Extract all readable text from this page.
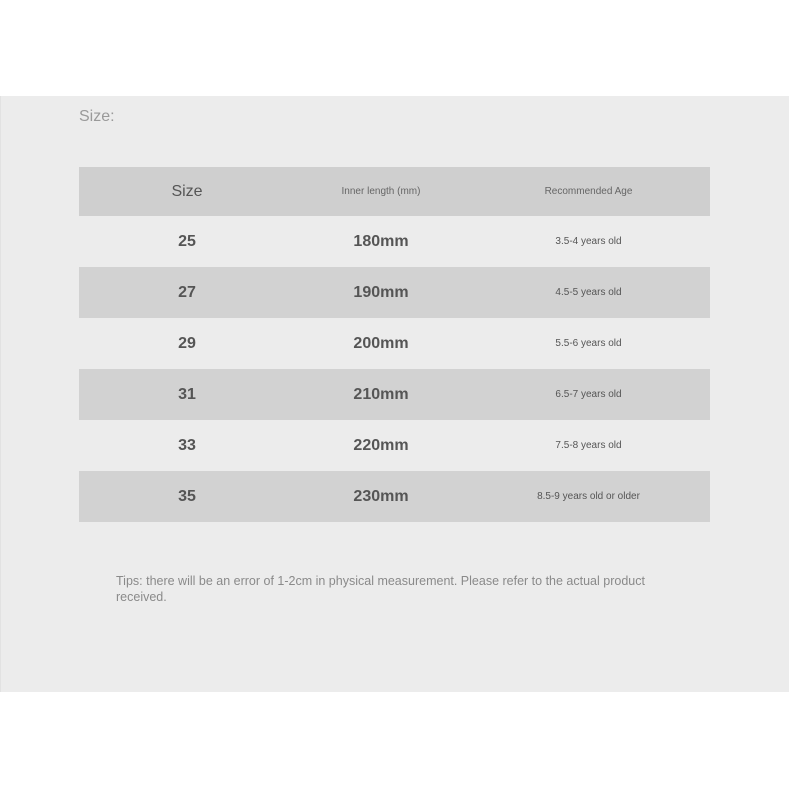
Size:
Size	Inner length (mm)	Recommended Age
25	180mm	3.5-4 years old
27	190mm	4.5-5 years old
29	200mm	5.5-6 years old
31	210mm	6.5-7 years old
33	220mm	7.5-8 years old
35	230mm	8.5-9 years old or older
Tips: there will be an error of 1-2cm in physical measurement. Please refer to the actual product received.
